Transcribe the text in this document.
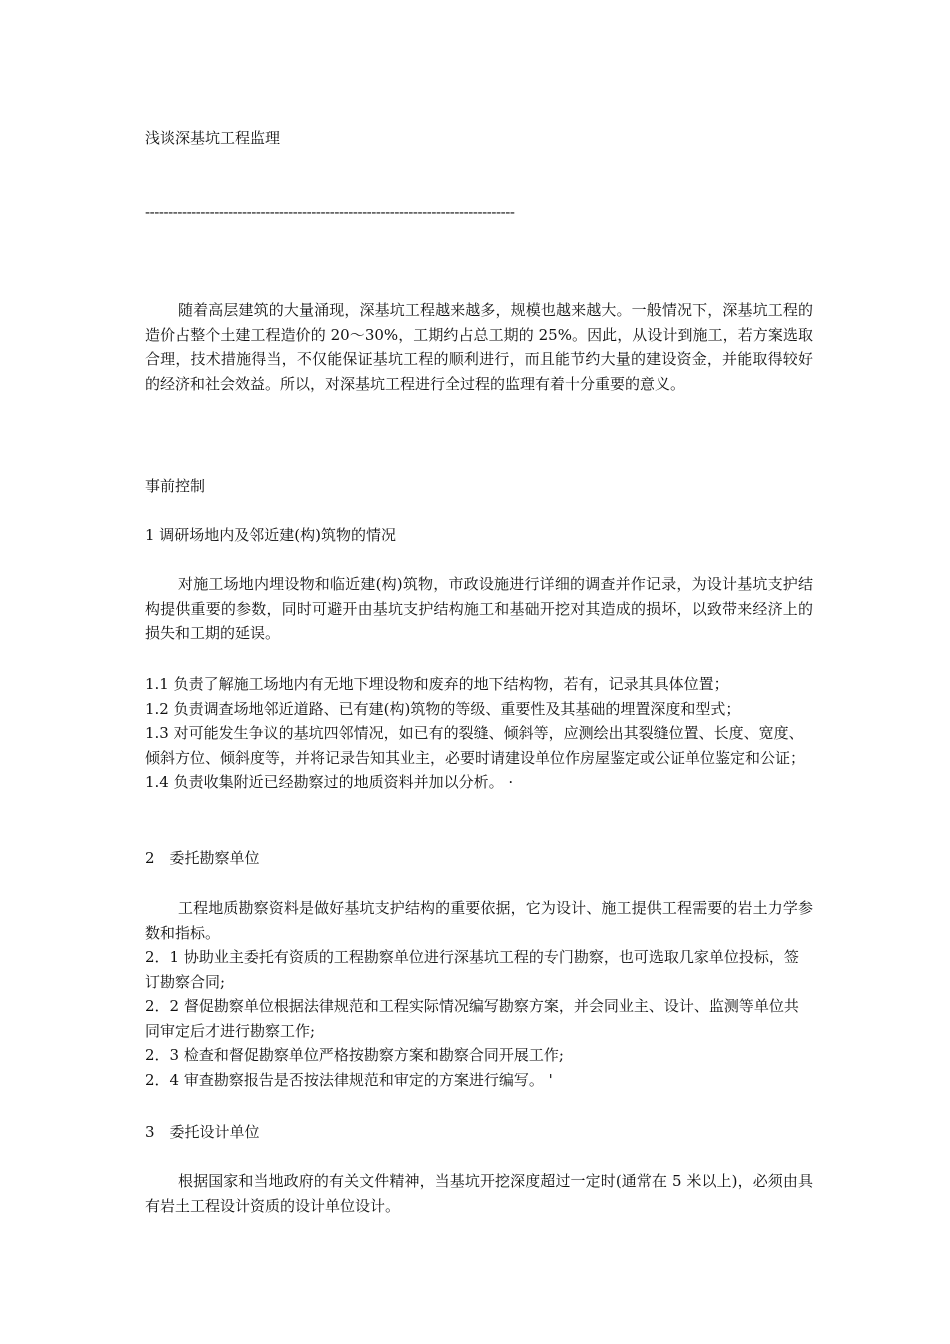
浅谈深基坑工程监理
--------------------------------------------------------------------------------
随着高层建筑的大量涌现，深基坑工程越来越多，规模也越来越大。一般情况下，深基坑工程的造价占整个土建工程造价的 20～30%，工期约占总工期的 25%。因此，从设计到施工，若方案选取合理，技术措施得当，不仅能保证基坑工程的顺利进行，而且能节约大量的建设资金，并能取得较好的经济和社会效益。所以，对深基坑工程进行全过程的监理有着十分重要的意义。
事前控制
1 调研场地内及邻近建(构)筑物的情况
对施工场地内埋设物和临近建(构)筑物，市政设施进行详细的调查并作记录，为设计基坑支护结构提供重要的参数，同时可避开由基坑支护结构施工和基础开挖对其造成的损坏，以致带来经济上的损失和工期的延误。

1.1 负责了解施工场地内有无地下埋设物和废弃的地下结构物，若有，记录其具体位置；

1.2 负责调查场地邻近道路、已有建(构)筑物的等级、重要性及其基础的埋置深度和型式；

1.3 对可能发生争议的基坑四邻情况，如已有的裂缝、倾斜等，应测绘出其裂缝位置、长度、宽度、倾斜方位、倾斜度等，并将记录告知其业主，必要时请建设单位作房屋鉴定或公证单位鉴定和公证；

1.4 负责收集附近已经勘察过的地质资料并加以分析。 ·

2　委托勘察单位
工程地质勘察资料是做好基坑支护结构的重要依据，它为设计、施工提供工程需要的岩土力学参数和指标。

2．1 协助业主委托有资质的工程勘察单位进行深基坑工程的专门勘察，也可选取几家单位投标，签订勘察合同;

2．2 督促勘察单位根据法律规范和工程实际情况编写勘察方案，并会同业主、设计、监测等单位共同审定后才进行勘察工作;

2．3 检查和督促勘察单位严格按勘察方案和勘察合同开展工作;

2．4 审查勘察报告是否按法律规范和审定的方案进行编写。 '

3　委托设计单位
根据国家和当地政府的有关文件精神，当基坑开挖深度超过一定时(通常在 5 米以上)，必须由具有岩土工程设计资质的设计单位设计。
